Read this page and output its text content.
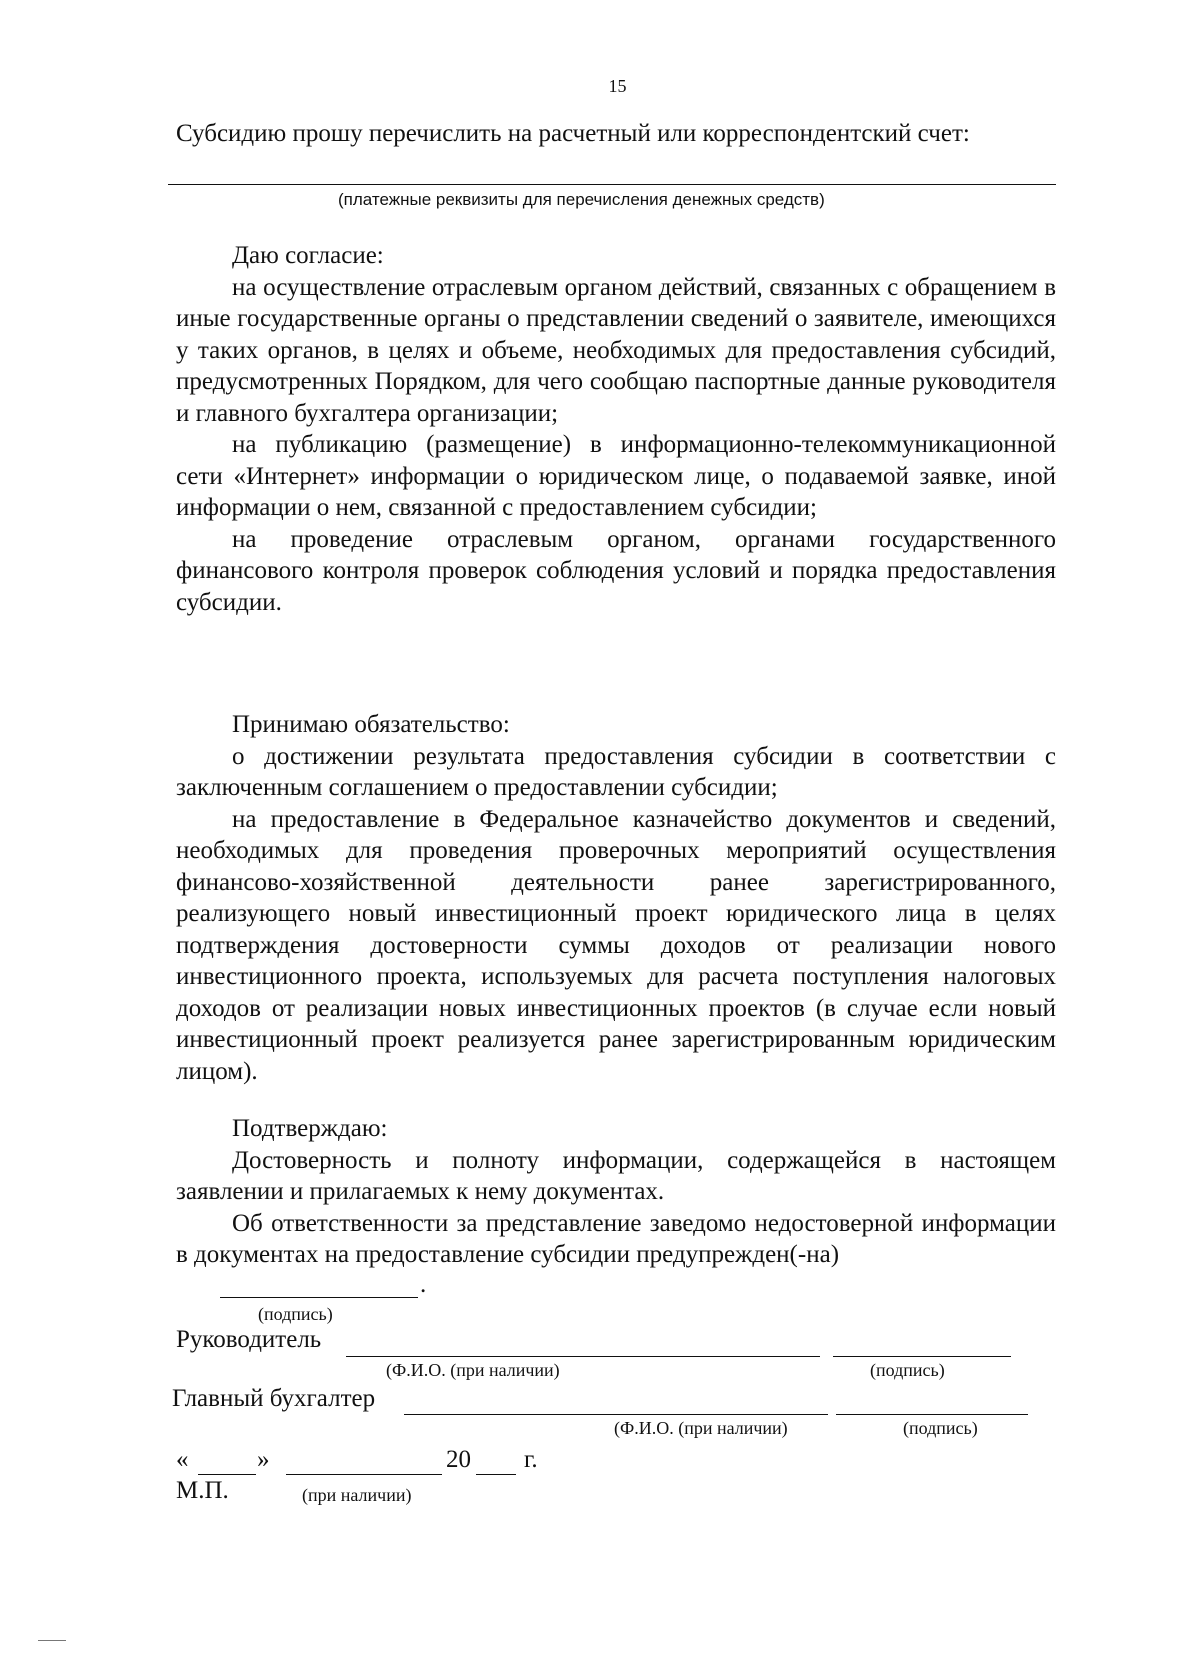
15

Субсидию прошу перечислить на расчетный или корреспондентский счет:

(платежные реквизиты для перечисления денежных средств)

Даю согласие:

на осуществление отраслевым органом действий, связанных с обращением в иные государственные органы о представлении сведений о заявителе, имеющихся у таких органов, в целях и объеме, необходимых для предоставления субсидий, предусмотренных Порядком, для чего сообщаю паспортные данные руководителя и главного бухгалтера организации;

на публикацию (размещение) в информационно-телекоммуникационной сети «Интернет» информации о юридическом лице, о подаваемой заявке, иной информации о нем, связанной с предоставлением субсидии;

на проведение отраслевым органом, органами государственного финансового контроля проверок соблюдения условий и порядка предоставления субсидии.

Принимаю обязательство:

о достижении результата предоставления субсидии в соответствии с заключенным соглашением о предоставлении субсидии;

на предоставление в Федеральное казначейство документов и сведений, необходимых для проведения проверочных мероприятий осуществления финансово-хозяйственной деятельности ранее зарегистрированного, реализующего новый инвестиционный проект юридического лица в целях подтверждения достоверности суммы доходов от реализации нового инвестиционного проекта, используемых для расчета поступления налоговых доходов от реализации новых инвестиционных проектов (в случае если новый инвестиционный проект реализуется ранее зарегистрированным юридическим лицом).

Подтверждаю:

Достоверность и полноту информации, содержащейся в настоящем заявлении и прилагаемых к нему документах.

Об ответственности за представление заведомо недостоверной информации в документах на предоставление субсидии предупрежден(-на)

.
(подпись)
Руководитель
(Ф.И.О. (при наличии)	(подпись)
Главный бухгалтер
(Ф.И.О. (при наличии)	(подпись)
«	»	20 г.
М.П.	(при наличии)
